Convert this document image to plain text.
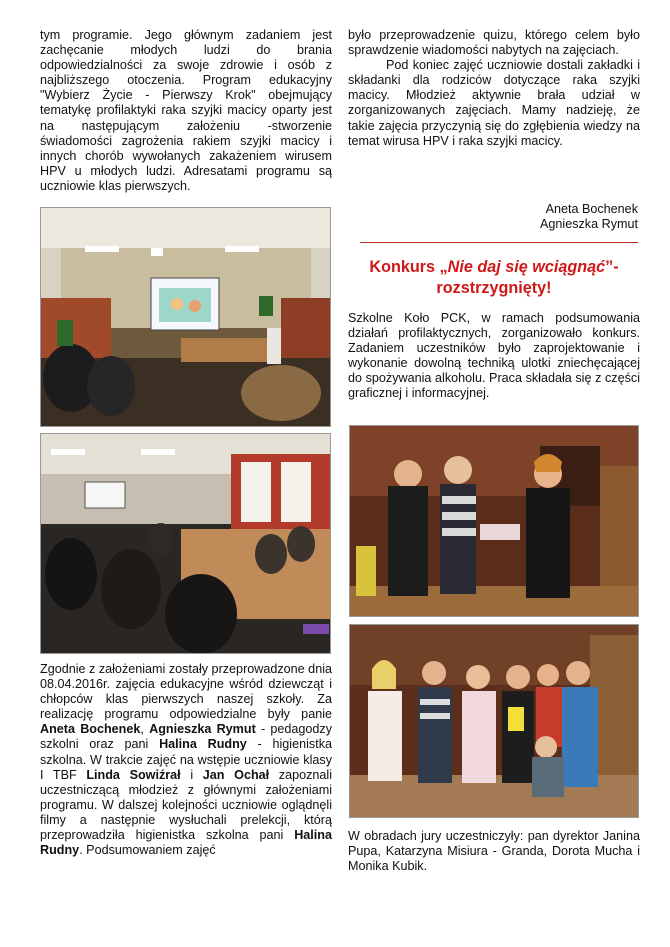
tym programie. Jego głównym zadaniem jest zachęcanie młodych ludzi do brania odpowiedzialności za swoje zdrowie i osób z najbliższego otoczenia. Program edukacyjny "Wybierz Życie - Pierwszy Krok" obejmujący tematykę profilaktyki raka szyjki macicy oparty jest na następującym założeniu -stworzenie świadomości zagrożenia rakiem szyjki macicy i innych chorób wywołanych zakażeniem wirusem HPV u młodych ludzi. Adresatami programu są uczniowie klas pierwszych.

Zgodnie z założeniami zostały przeprowadzone dnia 08.04.2016r. zajęcia edukacyjne wśród dziewcząt i chłopców klas pierwszych naszej szkoły. Za realizację programu odpowiedzialne były panie Aneta Bochenek, Agnieszka Rymut - pedagodzy szkolni oraz pani Halina Rudny - higienistka szkolna. W trakcie zajęć na wstępie uczniowie klasy I TBF Linda Sowiźrał i Jan Ochał zapoznali uczestniczącą młodzież z głównymi założeniami programu. W dalszej kolejności uczniowie oglądnęli filmy a następnie wysłuchali prelekcji, którą przeprowadziła higienistka szkolna pani Halina Rudny. Podsumowaniem zajęć

było przeprowadzenie quizu, którego celem było sprawdzenie wiadomości nabytych na zajęciach.

Pod koniec zajęć uczniowie dostali zakładki i składanki dla rodziców dotyczące raka szyjki macicy. Młodzież aktywnie brała udział w zorganizowanych zajęciach. Mamy nadzieję, że takie zajęcia przyczynią się do zgłębienia wiedzy na temat wirusa HPV i raka szyjki macicy.

Aneta Bochenek
Agnieszka Rymut
Konkurs „Nie daj się wciągnąć”-
rozstrzygnięty!

Szkolne Koło PCK, w ramach podsumowania działań profilaktycznych, zorganizowało konkurs. Zadaniem uczestników było zaprojektowanie i wykonanie dowolną techniką ulotki zniechęcającej do spożywania alkoholu. Praca składała się z części graficznej i informacyjnej.

W obradach jury uczestniczyły: pan dyrektor Janina Pupa, Katarzyna Misiura - Granda, Dorota Mucha i Monika Kubik.
